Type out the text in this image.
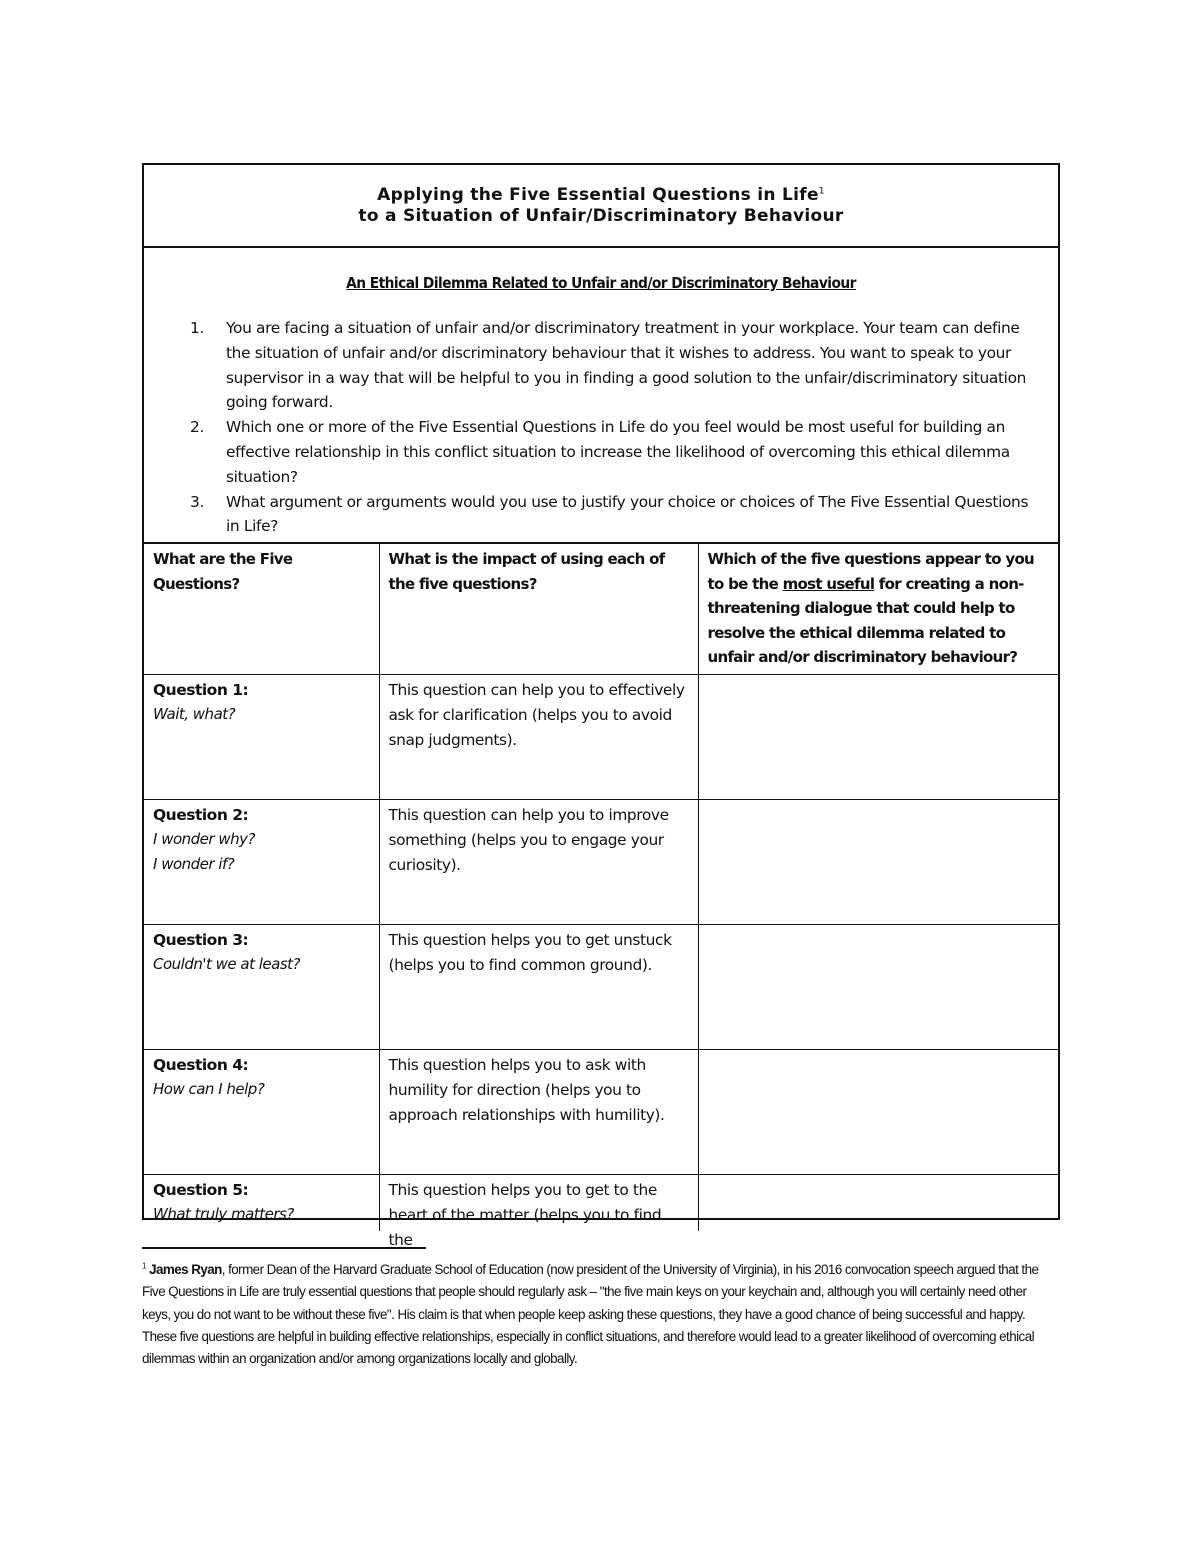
Applying the Five Essential Questions in Life$^1$
to a Situation of Unfair/Discriminatory Behaviour
An Ethical Dilemma Related to Unfair and/or Discriminatory Behaviour
1. You are facing a situation of unfair and/or discriminatory treatment in your workplace. Your team can define the situation of unfair and/or discriminatory behaviour that it wishes to address. You want to speak to your supervisor in a way that will be helpful to you in finding a good solution to the unfair/discriminatory situation going forward.
2. Which one or more of the Five Essential Questions in Life do you feel would be most useful for building an effective relationship in this conflict situation to increase the likelihood of overcoming this ethical dilemma situation?
3. What argument or arguments would you use to justify your choice or choices of The Five Essential Questions in Life?
What are the Five Questions?	What is the impact of using each of the five questions?	Which of the five questions appear to you to be the most useful for creating a non-threatening dialogue that could help to resolve the ethical dilemma related to unfair and/or discriminatory behaviour?

Question 1:
Wait, what?	This question can help you to effectively ask for clarification (helps you to avoid snap judgments).	

Question 2:
I wonder why?
I wonder if?	This question can help you to improve something (helps you to engage your curiosity).	

Question 3:
Couldn't we at least?	This question helps you to get unstuck (helps you to find common ground).	

Question 4:
How can I help?	This question helps you to ask with humility for direction (helps you to approach relationships with humility).	

Question 5:
What truly matters?	This question helps you to get to the heart of the matter (helps you to find the	

$^1$ James Ryan, former Dean of the Harvard Graduate School of Education (now president of the University of Virginia), in his 2016 convocation speech argued that the Five Questions in Life are truly essential questions that people should regularly ask – "the five main keys on your keychain and, although you will certainly need other keys, you do not want to be without these five". His claim is that when people keep asking these questions, they have a good chance of being successful and happy. These five questions are helpful in building effective relationships, especially in conflict situations, and therefore would lead to a greater likelihood of overcoming ethical dilemmas within an organization and/or among organizations locally and globally.
